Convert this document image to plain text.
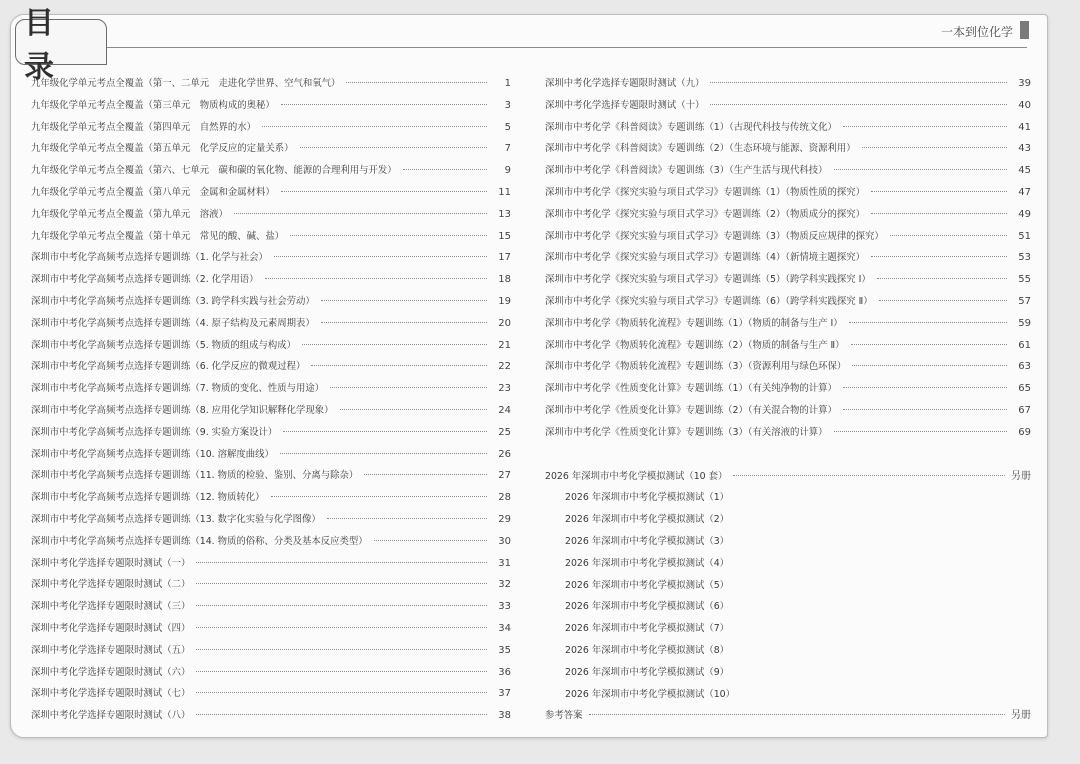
目 录
一本到位化学
九年级化学单元考点全覆盖（第一、二单元　走进化学世界、空气和氧气）	1
九年级化学单元考点全覆盖（第三单元　物质构成的奥秘）	3
九年级化学单元考点全覆盖（第四单元　自然界的水）	5
九年级化学单元考点全覆盖（第五单元　化学反应的定量关系）	7
九年级化学单元考点全覆盖（第六、七单元　碳和碳的氧化物、能源的合理利用与开发）	9
九年级化学单元考点全覆盖（第八单元　金属和金属材料）	11
九年级化学单元考点全覆盖（第九单元　溶液）	13
九年级化学单元考点全覆盖（第十单元　常见的酸、碱、盐）	15
深圳市中考化学高频考点选择专题训练（1. 化学与社会）	17
深圳市中考化学高频考点选择专题训练（2. 化学用语）	18
深圳市中考化学高频考点选择专题训练（3. 跨学科实践与社会劳动）	19
深圳市中考化学高频考点选择专题训练（4. 原子结构及元素周期表）	20
深圳市中考化学高频考点选择专题训练（5. 物质的组成与构成）	21
深圳市中考化学高频考点选择专题训练（6. 化学反应的微观过程）	22
深圳市中考化学高频考点选择专题训练（7. 物质的变化、性质与用途）	23
深圳市中考化学高频考点选择专题训练（8. 应用化学知识解释化学现象）	24
深圳市中考化学高频考点选择专题训练（9. 实验方案设计）	25
深圳市中考化学高频考点选择专题训练（10. 溶解度曲线）	26
深圳市中考化学高频考点选择专题训练（11. 物质的检验、鉴别、分离与除杂）	27
深圳市中考化学高频考点选择专题训练（12. 物质转化）	28
深圳市中考化学高频考点选择专题训练（13. 数字化实验与化学图像）	29
深圳市中考化学高频考点选择专题训练（14. 物质的俗称、分类及基本反应类型）	30
深圳中考化学选择专题限时测试（一）	31
深圳中考化学选择专题限时测试（二）	32
深圳中考化学选择专题限时测试（三）	33
深圳中考化学选择专题限时测试（四）	34
深圳中考化学选择专题限时测试（五）	35
深圳中考化学选择专题限时测试（六）	36
深圳中考化学选择专题限时测试（七）	37
深圳中考化学选择专题限时测试（八）	38
深圳中考化学选择专题限时测试（九）	39
深圳中考化学选择专题限时测试（十）	40
深圳市中考化学《科普阅读》专题训练（1）（古现代科技与传统文化）	41
深圳市中考化学《科普阅读》专题训练（2）（生态环境与能源、资源利用）	43
深圳市中考化学《科普阅读》专题训练（3）（生产生活与现代科技）	45
深圳市中考化学《探究实验与项目式学习》专题训练（1）（物质性质的探究）	47
深圳市中考化学《探究实验与项目式学习》专题训练（2）（物质成分的探究）	49
深圳市中考化学《探究实验与项目式学习》专题训练（3）（物质反应规律的探究）	51
深圳市中考化学《探究实验与项目式学习》专题训练（4）（新情境主题探究）	53
深圳市中考化学《探究实验与项目式学习》专题训练（5）（跨学科实践探究 Ⅰ）	55
深圳市中考化学《探究实验与项目式学习》专题训练（6）（跨学科实践探究 Ⅱ）	57
深圳市中考化学《物质转化流程》专题训练（1）（物质的制备与生产 Ⅰ）	59
深圳市中考化学《物质转化流程》专题训练（2）（物质的制备与生产 Ⅱ）	61
深圳市中考化学《物质转化流程》专题训练（3）（资源利用与绿色环保）	63
深圳市中考化学《性质变化计算》专题训练（1）（有关纯净物的计算）	65
深圳市中考化学《性质变化计算》专题训练（2）（有关混合物的计算）	67
深圳市中考化学《性质变化计算》专题训练（3）（有关溶液的计算）	69
2026 年深圳市中考化学模拟测试（10 套）	另册
2026 年深圳市中考化学模拟测试（1）
2026 年深圳市中考化学模拟测试（2）
2026 年深圳市中考化学模拟测试（3）
2026 年深圳市中考化学模拟测试（4）
2026 年深圳市中考化学模拟测试（5）
2026 年深圳市中考化学模拟测试（6）
2026 年深圳市中考化学模拟测试（7）
2026 年深圳市中考化学模拟测试（8）
2026 年深圳市中考化学模拟测试（9）
2026 年深圳市中考化学模拟测试（10）
参考答案	另册
